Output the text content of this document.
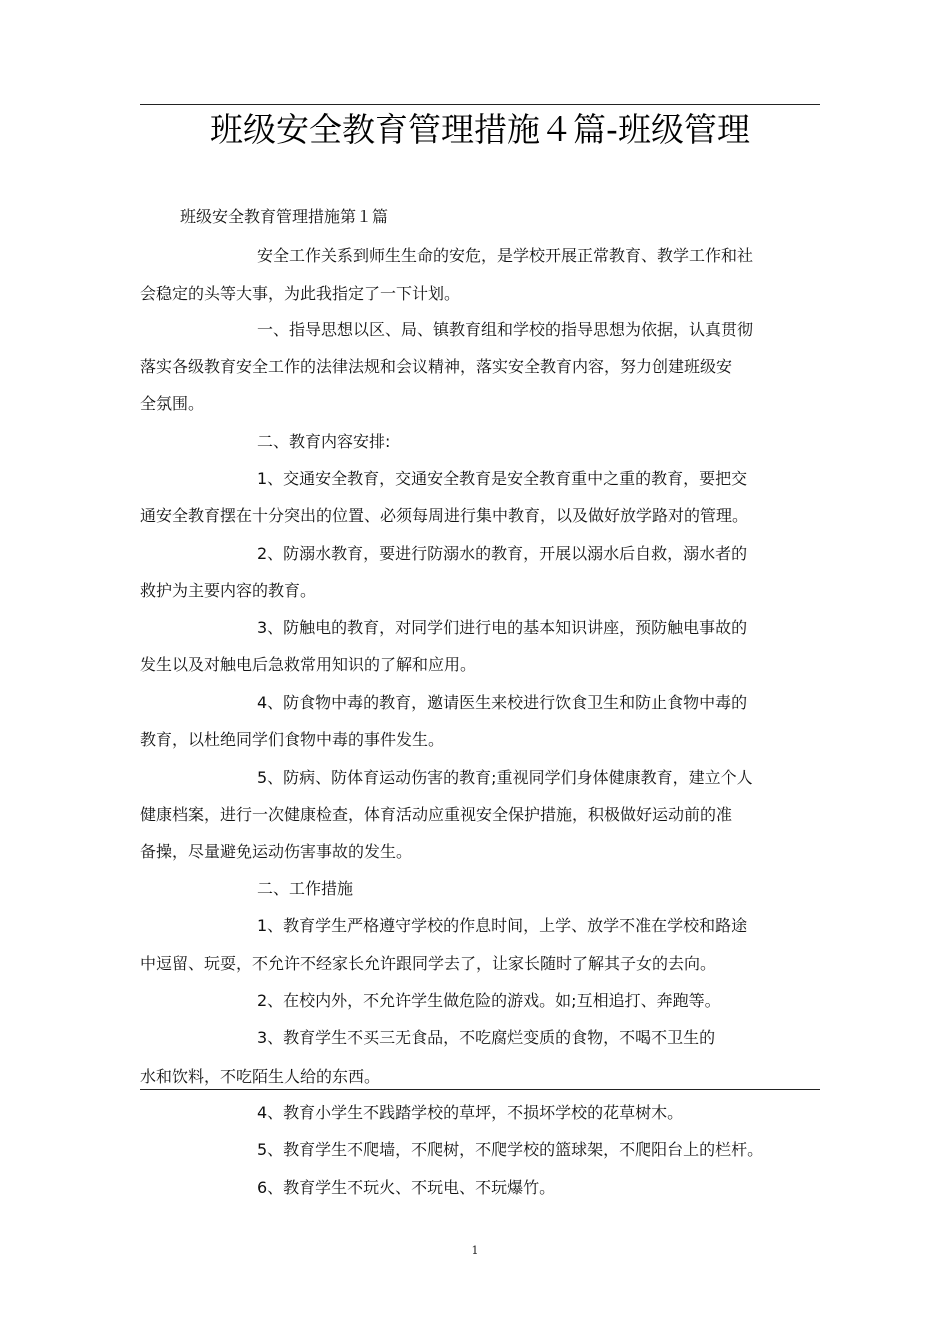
班级安全教育管理措施４篇-班级管理
班级安全教育管理措施第１篇
安全工作关系到师生生命的安危，是学校开展正常教育、教学工作和社
会稳定的头等大事，为此我指定了一下计划。
一、指导思想以区、局、镇教育组和学校的指导思想为依据，认真贯彻
落实各级教育安全工作的法律法规和会议精神，落实安全教育内容，努力创建班级安
全氛围。
二、教育内容安排:
1、交通安全教育，交通安全教育是安全教育重中之重的教育，要把交
通安全教育摆在十分突出的位置、必须每周进行集中教育，以及做好放学路对的管理。
2、防溺水教育，要进行防溺水的教育，开展以溺水后自救，溺水者的
救护为主要内容的教育。
3、防触电的教育，对同学们进行电的基本知识讲座，预防触电事故的
发生以及对触电后急救常用知识的了解和应用。
4、防食物中毒的教育，邀请医生来校进行饮食卫生和防止食物中毒的
教育，以杜绝同学们食物中毒的事件发生。
5、防病、防体育运动伤害的教育;重视同学们身体健康教育，建立个人
健康档案，进行一次健康检查，体育活动应重视安全保护措施，积极做好运动前的准
备操，尽量避免运动伤害事故的发生。
二、工作措施
1、教育学生严格遵守学校的作息时间，上学、放学不准在学校和路途
中逗留、玩耍，不允许不经家长允许跟同学去了，让家长随时了解其子女的去向。
2、在校内外，不允许学生做危险的游戏。如;互相追打、奔跑等。
3、教育学生不买三无食品，不吃腐烂变质的食物，不喝不卫生的
水和饮料，不吃陌生人给的东西。
4、教育小学生不践踏学校的草坪，不损坏学校的花草树木。
5、教育学生不爬墙，不爬树，不爬学校的篮球架，不爬阳台上的栏杆。
6、教育学生不玩火、不玩电、不玩爆竹。
1
